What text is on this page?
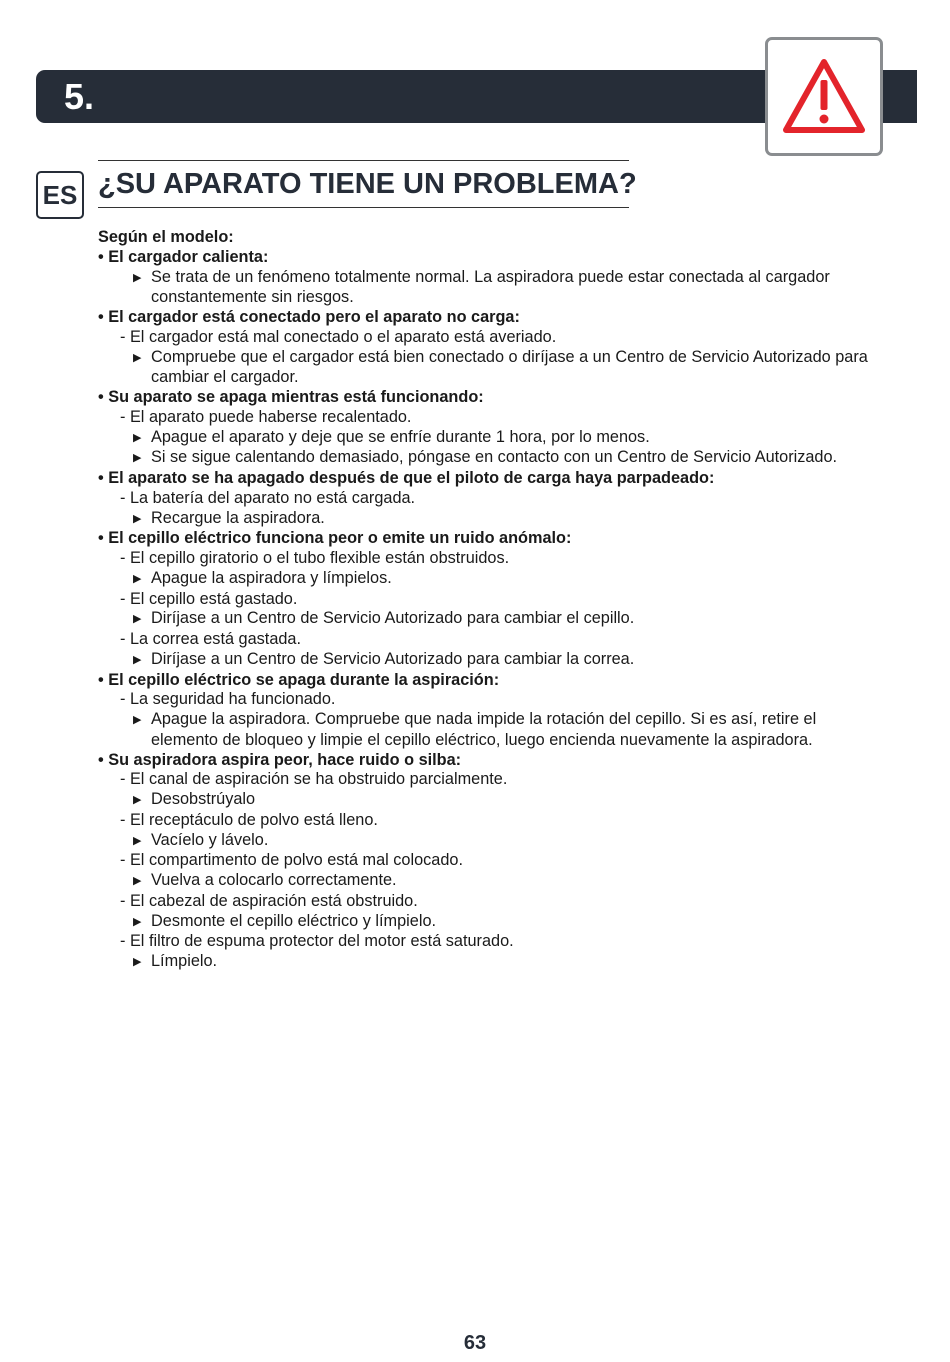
5.
ES ¿SU APARATO TIENE UN PROBLEMA?
Según el modelo:
• El cargador calienta:
▶ Se trata de un fenómeno totalmente normal. La aspiradora puede estar conectada al cargador
constantemente sin riesgos.
• El cargador está conectado pero el aparato no carga:
- El cargador está mal conectado o el aparato está averiado.
▶ Compruebe que el cargador está bien conectado o diríjase a un Centro de Servicio Autorizado para
cambiar el cargador.
• Su aparato se apaga mientras está funcionando:
- El aparato puede haberse recalentado.
▶ Apague el aparato y deje que se enfríe durante 1 hora, por lo menos.
▶ Si se sigue calentando demasiado, póngase en contacto con un Centro de Servicio Autorizado.
• El aparato se ha apagado después de que el piloto de carga haya parpadeado:
- La batería del aparato no está cargada.
▶ Recargue la aspiradora.
• El cepillo eléctrico funciona peor o emite un ruido anómalo:
- El cepillo giratorio o el tubo flexible están obstruidos.
▶ Apague la aspiradora y límpielos.
- El cepillo está gastado.
▶ Diríjase a un Centro de Servicio Autorizado para cambiar el cepillo.
- La correa está gastada.
▶ Diríjase a un Centro de Servicio Autorizado para cambiar la correa.
• El cepillo eléctrico se apaga durante la aspiración:
- La seguridad ha funcionado.
▶ Apague la aspiradora. Compruebe que nada impide la rotación del cepillo. Si es así, retire el
elemento de bloqueo y limpie el cepillo eléctrico, luego encienda nuevamente la aspiradora.
• Su aspiradora aspira peor, hace ruido o silba:
- El canal de aspiración se ha obstruido parcialmente.
▶ Desobstrúyalo
- El receptáculo de polvo está lleno.
▶ Vacíelo y lávelo.
- El compartimento de polvo está mal colocado.
▶ Vuelva a colocarlo correctamente.
- El cabezal de aspiración está obstruido.
▶ Desmonte el cepillo eléctrico y límpielo.
- El filtro de espuma protector del motor está saturado.
▶ Límpielo.
63
